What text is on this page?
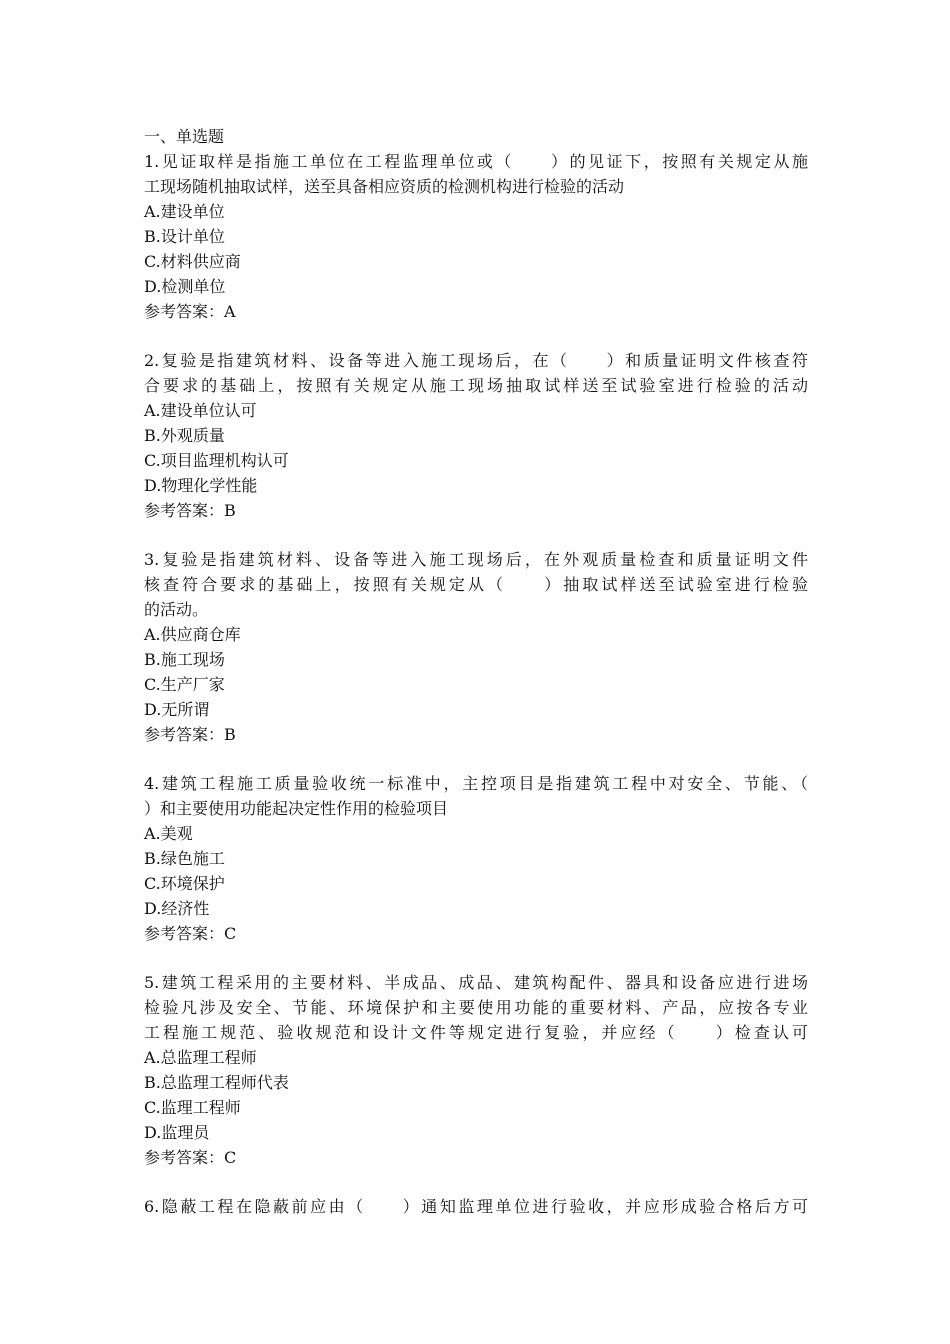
一、单选题
1.见证取样是指施工单位在工程监理单位或（　　）的见证下，按照有关规定从施
工现场随机抽取试样，送至具备相应资质的检测机构进行检验的活动
A.建设单位
B.设计单位
C.材料供应商
D.检测单位
参考答案：A
2.复验是指建筑材料、设备等进入施工现场后，在（　　）和质量证明文件核查符
合要求的基础上，按照有关规定从施工现场抽取试样送至试验室进行检验的活动
A.建设单位认可
B.外观质量
C.项目监理机构认可
D.物理化学性能
参考答案：B
3.复验是指建筑材料、设备等进入施工现场后，在外观质量检查和质量证明文件
核查符合要求的基础上，按照有关规定从（　　）抽取试样送至试验室进行检验
的活动。
A.供应商仓库
B.施工现场
C.生产厂家
D.无所谓
参考答案：B
4.建筑工程施工质量验收统一标准中，主控项目是指建筑工程中对安全、节能、（
）和主要使用功能起决定性作用的检验项目
A.美观
B.绿色施工
C.环境保护
D.经济性
参考答案：C
5.建筑工程采用的主要材料、半成品、成品、建筑构配件、器具和设备应进行进场
检验凡涉及安全、节能、环境保护和主要使用功能的重要材料、产品，应按各专业
工程施工规范、验收规范和设计文件等规定进行复验，并应经（　　）检查认可
A.总监理工程师
B.总监理工程师代表
C.监理工程师
D.监理员
参考答案：C
6.隐蔽工程在隐蔽前应由（　　）通知监理单位进行验收，并应形成验合格后方可
